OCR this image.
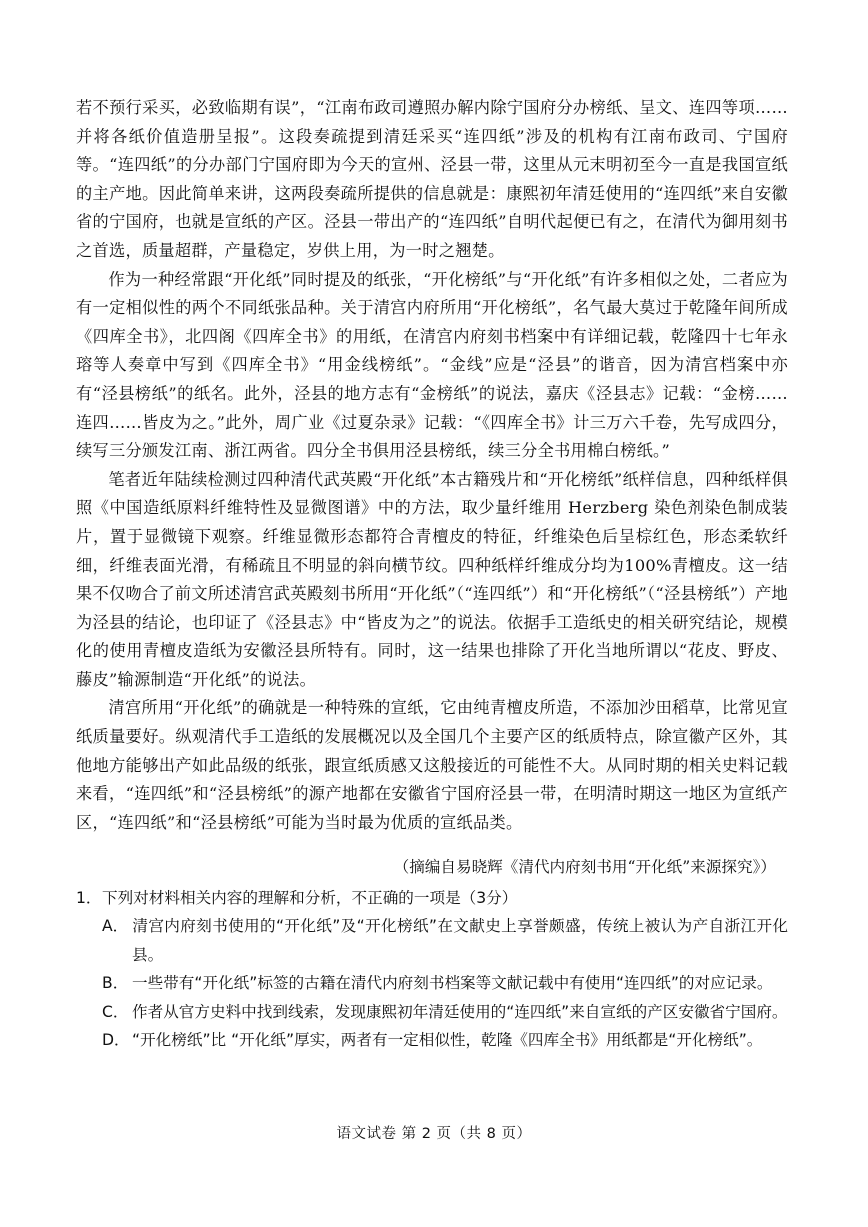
若不预行采买，必致临期有误”，“江南布政司遵照办解内除宁国府分办榜纸、呈文、连四等项……并将各纸价值造册呈报”。这段奏疏提到清廷采买“连四纸”涉及的机构有江南布政司、宁国府等。“连四纸”的分办部门宁国府即为今天的宣州、泾县一带，这里从元末明初至今一直是我国宣纸的主产地。因此简单来讲，这两段奏疏所提供的信息就是：康熙初年清廷使用的“连四纸”来自安徽省的宁国府，也就是宣纸的产区。泾县一带出产的“连四纸”自明代起便已有之，在清代为御用刻书之首选，质量超群，产量稳定，岁供上用，为一时之翘楚。

作为一种经常跟“开化纸”同时提及的纸张，“开化榜纸”与“开化纸”有许多相似之处，二者应为有一定相似性的两个不同纸张品种。关于清宫内府所用“开化榜纸”，名气最大莫过于乾隆年间所成《四库全书》，北四阁《四库全书》的用纸，在清宫内府刻书档案中有详细记载，乾隆四十七年永瑢等人奏章中写到《四库全书》“用金线榜纸”。“金线”应是“泾县”的谐音，因为清宫档案中亦有“泾县榜纸”的纸名。此外，泾县的地方志有“金榜纸”的说法，嘉庆《泾县志》记载：“金榜……连四……皆皮为之。”此外，周广业《过夏杂录》记载：“《四库全书》计三万六千卷，先写成四分，续写三分颁发江南、浙江两省。四分全书俱用泾县榜纸，续三分全书用棉白榜纸。”

笔者近年陆续检测过四种清代武英殿“开化纸”本古籍残片和“开化榜纸”纸样信息，四种纸样俱照《中国造纸原料纤维特性及显微图谱》中的方法，取少量纤维用 Herzberg 染色剂染色制成装片，置于显微镜下观察。纤维显微形态都符合青檀皮的特征，纤维染色后呈棕红色，形态柔软纤细，纤维表面光滑，有稀疏且不明显的斜向横节纹。四种纸样纤维成分均为100%青檀皮。这一结果不仅吻合了前文所述清宫武英殿刻书所用“开化纸”（“连四纸”）和“开化榜纸”（“泾县榜纸”）产地为泾县的结论，也印证了《泾县志》中“皆皮为之”的说法。依据手工造纸史的相关研究结论，规模化的使用青檀皮造纸为安徽泾县所特有。同时，这一结果也排除了开化当地所谓以“花皮、野皮、藤皮”输源制造“开化纸”的说法。

清宫所用“开化纸”的确就是一种特殊的宣纸，它由纯青檀皮所造，不添加沙田稻草，比常见宣纸质量要好。纵观清代手工造纸的发展概况以及全国几个主要产区的纸质特点，除宣徽产区外，其他地方能够出产如此品级的纸张，跟宣纸质感又这般接近的可能性不大。从同时期的相关史料记载来看，“连四纸”和“泾县榜纸”的源产地都在安徽省宁国府泾县一带，在明清时期这一地区为宣纸产区，“连四纸”和“泾县榜纸”可能为当时最为优质的宣纸品类。

（摘编自易晓辉《清代内府刻书用“开化纸”来源探究》）
1．下列对材料相关内容的理解和分析，不正确的一项是（3分）
A． 清宫内府刻书使用的“开化纸”及“开化榜纸”在文献史上享誉颇盛，传统上被认为产自浙江开化县。
B． 一些带有“开化纸”标签的古籍在清代内府刻书档案等文献记载中有使用“连四纸”的对应记录。
C． 作者从官方史料中找到线索，发现康熙初年清廷使用的“连四纸”来自宣纸的产区安徽省宁国府。
D． “开化榜纸”比 “开化纸”厚实，两者有一定相似性，乾隆《四库全书》用纸都是“开化榜纸”。
语文试卷 第 2 页（共 8 页）
